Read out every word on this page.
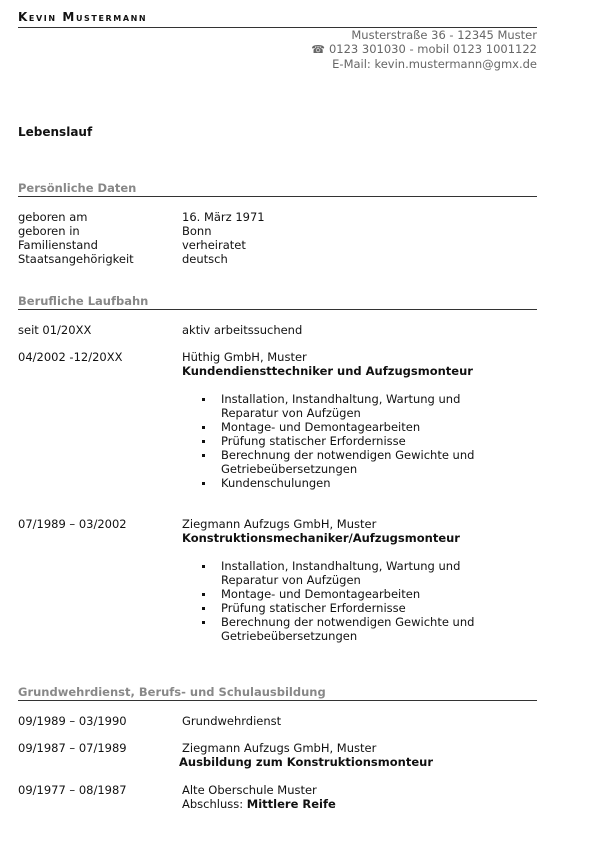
Kevin Mustermann
Musterstraße 36 - 12345 Muster
☎ 0123 301030 - mobil 0123 1001122
E-Mail: kevin.mustermann@gmx.de
Lebenslauf
Persönliche Daten
geboren am	16. März 1971
geboren in	Bonn
Familienstand	verheiratet
Staatsangehörigkeit	deutsch
Berufliche Laufbahn
seit 01/20XX	aktiv arbeitssuchend
04/2002 -12/20XX	Hüthig GmbH, Muster
Kundendiensttechniker und Aufzugsmonteur
Installation, Instandhaltung, Wartung und Reparatur von Aufzügen
Montage- und Demontagearbeiten
Prüfung statischer Erfordernisse
Berechnung der notwendigen Gewichte und Getriebeübersetzungen
Kundenschulungen
07/1989 – 03/2002	Ziegmann Aufzugs GmbH, Muster
Konstruktionsmechaniker/Aufzugsmonteur
Installation, Instandhaltung, Wartung und Reparatur von Aufzügen
Montage- und Demontagearbeiten
Prüfung statischer Erfordernisse
Berechnung der notwendigen Gewichte und Getriebeübersetzungen
Grundwehrdienst, Berufs- und Schulausbildung
09/1989 – 03/1990	Grundwehrdienst
09/1987 – 07/1989	Ziegmann Aufzugs GmbH, Muster
Ausbildung zum Konstruktionsmonteur
09/1977 – 08/1987	Alte Oberschule Muster
Abschluss: Mittlere Reife
